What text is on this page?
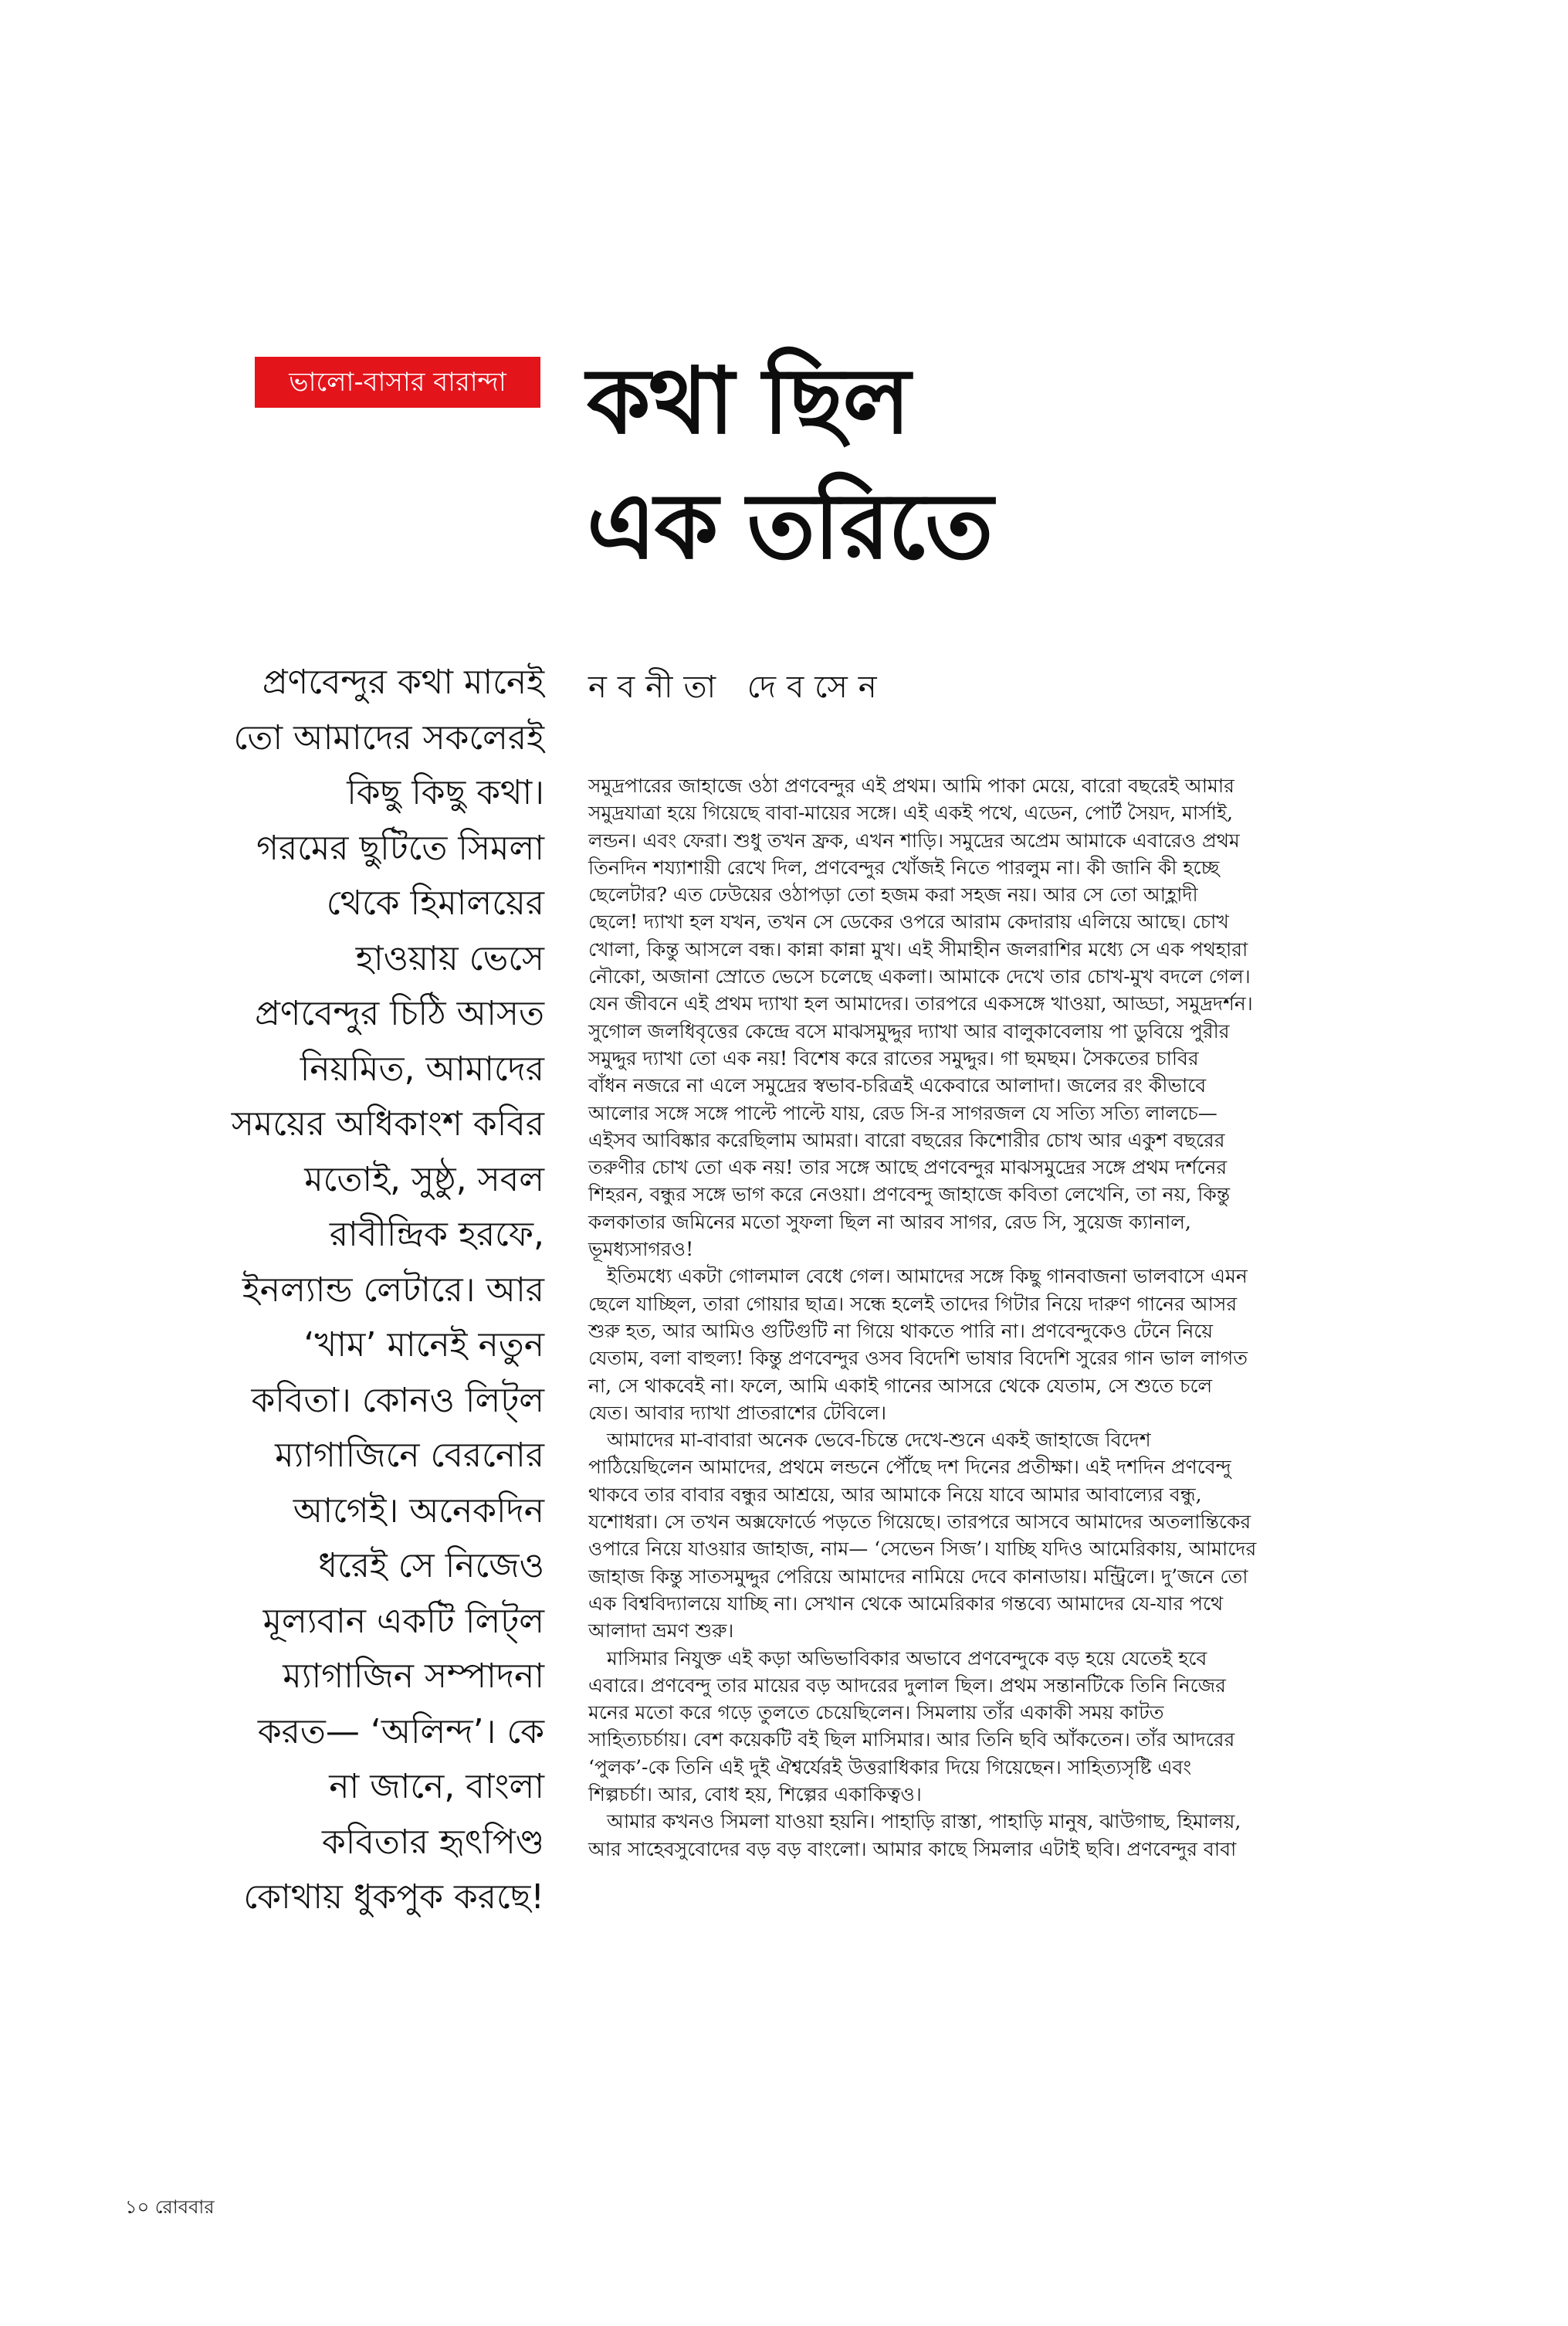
ভালো-বাসার বারান্দা কথা ছিল
এক তরিতে
নবনীতা দেবসেন
প্রণবেন্দুর কথা মানেই
তো আমাদের সকলেরই
কিছু কিছু কথা।
গরমের ছুটিতে সিমলা
থেকে হিমালয়ের
হাওয়ায় ভেসে
প্রণবেন্দুর চিঠি আসত
নিয়মিত, আমাদের
সময়ের অধিকাংশ কবির
মতোই, সুষ্ঠু, সবল
রাবীন্দ্রিক হরফে,
ইনল্যান্ড লেটারে। আর
‘খাম’ মানেই নতুন
কবিতা। কোনও লিট্‌ল
ম্যাগাজিনে বেরনোর
আগেই। অনেকদিন
ধরেই সে নিজেও
মূল্যবান একটি লিট্‌ল
ম্যাগাজিন সম্পাদনা
করত— ‘অলিন্দ’। কে
না জানে, বাংলা
কবিতার হৃৎপিণ্ড
কোথায় ধুকপুক করছে!
সমুদ্রপারের জাহাজে ওঠা প্রণবেন্দুর এই প্রথম। আমি পাকা মেয়ে, বারো বছরেই আমার
সমুদ্রযাত্রা হয়ে গিয়েছে বাবা-মায়ের সঙ্গে। এই একই পথে, এডেন, পোর্ট সৈয়দ, মার্সাই,
লন্ডন। এবং ফেরা। শুধু তখন ফ্রক, এখন শাড়ি। সমুদ্রের অপ্রেম আমাকে এবারেও প্রথম
তিনদিন শয্যাশায়ী রেখে দিল, প্রণবেন্দুর খোঁজই নিতে পারলুম না। কী জানি কী হচ্ছে
ছেলেটার? এত ঢেউয়ের ওঠাপড়া তো হজম করা সহজ নয়। আর সে তো আহ্লাদী
ছেলে! দ্যাখা হল যখন, তখন সে ডেকের ওপরে আরাম কেদারায় এলিয়ে আছে। চোখ
খোলা, কিন্তু আসলে বন্ধ। কান্না কান্না মুখ। এই সীমাহীন জলরাশির মধ্যে সে এক পথহারা
নৌকো, অজানা স্রোতে ভেসে চলেছে একলা। আমাকে দেখে তার চোখ-মুখ বদলে গেল।
যেন জীবনে এই প্রথম দ্যাখা হল আমাদের। তারপরে একসঙ্গে খাওয়া, আড্ডা, সমুদ্রদর্শন।
সুগোল জলধিবৃত্তের কেন্দ্রে বসে মাঝসমুদ্দুর দ্যাখা আর বালুকাবেলায় পা ডুবিয়ে পুরীর
সমুদ্দুর দ্যাখা তো এক নয়! বিশেষ করে রাতের সমুদ্দুর। গা ছমছম। সৈকতের চাবির
বাঁধন নজরে না এলে সমুদ্রের স্বভাব-চরিত্রই একেবারে আলাদা। জলের রং কীভাবে
আলোর সঙ্গে সঙ্গে পাল্টে পাল্টে যায়, রেড সি-র সাগরজল যে সত্যি সত্যি লালচে—
এইসব আবিষ্কার করেছিলাম আমরা। বারো বছরের কিশোরীর চোখ আর একুশ বছরের
তরুণীর চোখ তো এক নয়! তার সঙ্গে আছে প্রণবেন্দুর মাঝসমুদ্রের সঙ্গে প্রথম দর্শনের
শিহরন, বন্ধুর সঙ্গে ভাগ করে নেওয়া। প্রণবেন্দু জাহাজে কবিতা লেখেনি, তা নয়, কিন্তু
কলকাতার জমিনের মতো সুফলা ছিল না আরব সাগর, রেড সি, সুয়েজ ক্যানাল,
ভূমধ্যসাগরও!
ইতিমধ্যে একটা গোলমাল বেধে গেল। আমাদের সঙ্গে কিছু গানবাজনা ভালবাসে এমন
ছেলে যাচ্ছিল, তারা গোয়ার ছাত্র। সন্ধে হলেই তাদের গিটার নিয়ে দারুণ গানের আসর
শুরু হত, আর আমিও গুটিগুটি না গিয়ে থাকতে পারি না। প্রণবেন্দুকেও টেনে নিয়ে
যেতাম, বলা বাহুল্য! কিন্তু প্রণবেন্দুর ওসব বিদেশি ভাষার বিদেশি সুরের গান ভাল লাগত
না, সে থাকবেই না। ফলে, আমি একাই গানের আসরে থেকে যেতাম, সে শুতে চলে
যেত। আবার দ্যাখা প্রাতরাশের টেবিলে।
আমাদের মা-বাবারা অনেক ভেবে-চিন্তে দেখে-শুনে একই জাহাজে বিদেশ
পাঠিয়েছিলেন আমাদের, প্রথমে লন্ডনে পৌঁছে দশ দিনের প্রতীক্ষা। এই দশদিন প্রণবেন্দু
থাকবে তার বাবার বন্ধুর আশ্রয়ে, আর আমাকে নিয়ে যাবে আমার আবাল্যের বন্ধু,
যশোধরা। সে তখন অক্সফোর্ডে পড়তে গিয়েছে। তারপরে আসবে আমাদের অতলান্তিকের
ওপারে নিয়ে যাওয়ার জাহাজ, নাম— ‘সেভেন সিজ’। যাচ্ছি যদিও আমেরিকায়, আমাদের
জাহাজ কিন্তু সাতসমুদ্দুর পেরিয়ে আমাদের নামিয়ে দেবে কানাডায়। মন্ট্রিলে। দু’জনে তো
এক বিশ্ববিদ্যালয়ে যাচ্ছি না। সেখান থেকে আমেরিকার গন্তব্যে আমাদের যে-যার পথে
আলাদা ভ্রমণ শুরু।
মাসিমার নিযুক্ত এই কড়া অভিভাবিকার অভাবে প্রণবেন্দুকে বড় হয়ে যেতেই হবে
এবারে। প্রণবেন্দু তার মায়ের বড় আদরের দুলাল ছিল। প্রথম সন্তানটিকে তিনি নিজের
মনের মতো করে গড়ে তুলতে চেয়েছিলেন। সিমলায় তাঁর একাকী সময় কাটত
সাহিত্যচর্চায়। বেশ কয়েকটি বই ছিল মাসিমার। আর তিনি ছবি আঁকতেন। তাঁর আদরের
‘পুলক’-কে তিনি এই দুই ঐশ্বর্যেরই উত্তরাধিকার দিয়ে গিয়েছেন। সাহিত্যসৃষ্টি এবং
শিল্পচর্চা। আর, বোধ হয়, শিল্পের একাকিত্বও।
আমার কখনও সিমলা যাওয়া হয়নি। পাহাড়ি রাস্তা, পাহাড়ি মানুষ, ঝাউগাছ, হিমালয়,
আর সাহেবসুবোদের বড় বড় বাংলো। আমার কাছে সিমলার এটাই ছবি। প্রণবেন্দুর বাবা
১০ রোববার
